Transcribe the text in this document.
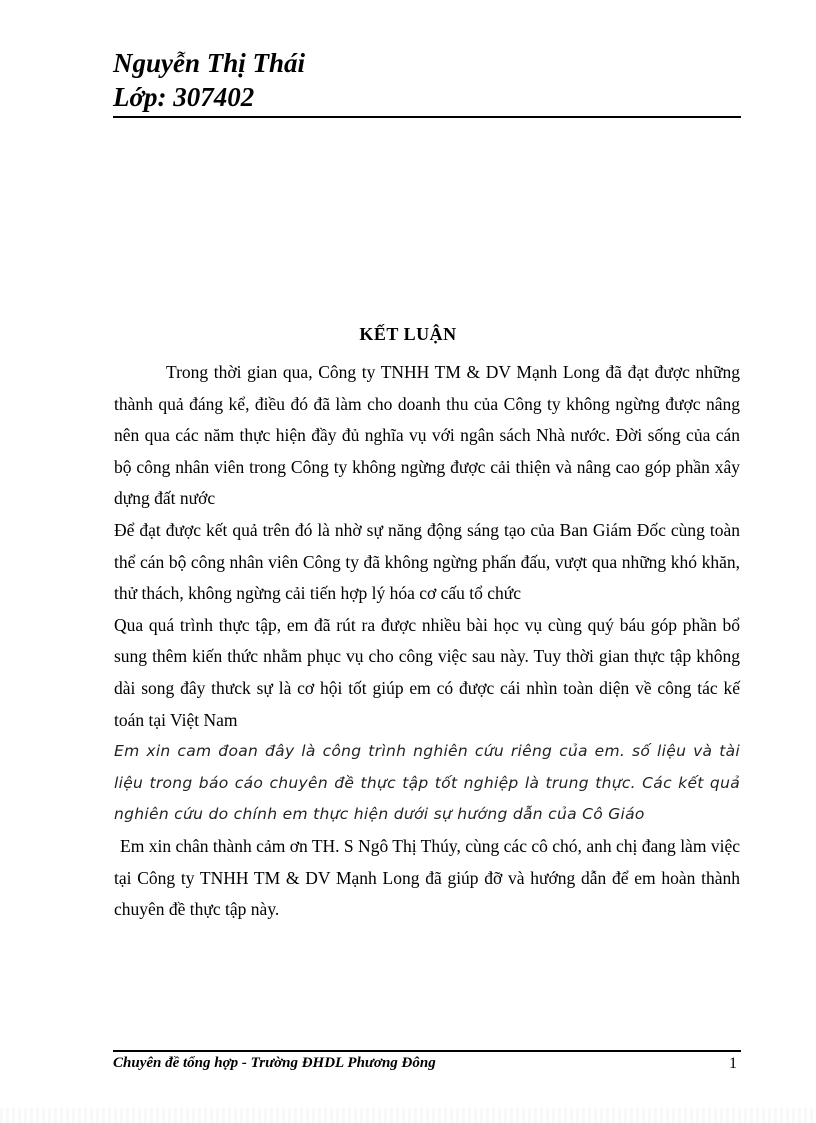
Nguyễn Thị Thái
Lớp: 307402
KẾT LUẬN

Trong thời gian qua, Công ty TNHH TM & DV Mạnh Long đã đạt được những thành quả đáng kể, điều đó đã làm cho doanh thu của Công ty không ngừng được nâng nên qua các năm thực hiện đầy đủ nghĩa vụ với ngân sách Nhà nước. Đời sống của cán bộ công nhân viên trong Công ty không ngừng được cải thiện và nâng cao góp phần xây dựng đất nước

Để đạt được kết quả trên đó là nhờ sự năng động sáng tạo của Ban Giám Đốc cùng toàn thể cán bộ công nhân viên Công ty đã không ngừng phấn đấu, vượt qua những khó khăn, thử thách, không ngừng cải tiến hợp lý hóa cơ cấu tổ chức

Qua quá trình thực tập, em đã rút ra được nhiều bài học vụ cùng quý báu góp phần bổ sung thêm kiến thức nhằm phục vụ cho công việc sau này. Tuy thời gian thực tập không dài song đây thưck sự là cơ hội tốt giúp em có được cái nhìn toàn diện về công tác kế toán tại Việt Nam

Em xin cam đoan đây là công trình nghiên cứu riêng của em. số liệu và tài liệu trong báo cáo chuyên đề thực tập tốt nghiệp là trung thực. Các kết quả nghiên cứu do chính em thực hiện dưới sự hướng dẫn của Cô Giáo

Em xin chân thành cảm ơn TH. S Ngô Thị Thúy, cùng các cô chó, anh chị đang làm việc tại Công ty TNHH TM & DV Mạnh Long đã giúp đỡ và hướng dẫn để em hoàn thành chuyên đề thực tập này.

Chuyên đề tổng hợp - Trường ĐHDL Phương Đông	1
